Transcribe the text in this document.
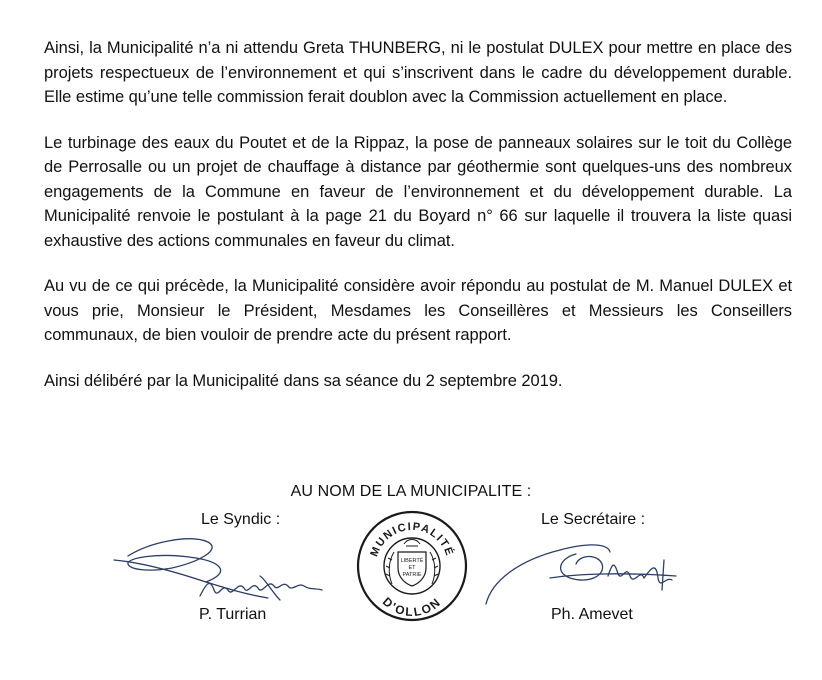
Ainsi, la Municipalité n’a ni attendu Greta THUNBERG, ni le postulat DULEX pour mettre en place des projets respectueux de l’environnement et qui s’inscrivent dans le cadre du développement durable. Elle estime qu’une telle commission ferait doublon avec la Commission actuellement en place.

Le turbinage des eaux du Poutet et de la Rippaz, la pose de panneaux solaires sur le toit du Collège de Perrosalle ou un projet de chauffage à distance par géothermie sont quelques-uns des nombreux engagements de la Commune en faveur de l’environnement et du développement durable. La Municipalité renvoie le postulant à la page 21 du Boyard n° 66 sur laquelle il trouvera la liste quasi exhaustive des actions communales en faveur du climat.

Au vu de ce qui précède, la Municipalité considère avoir répondu au postulat de M. Manuel DULEX et vous prie, Monsieur le Président, Mesdames les Conseillères et Messieurs les Conseillers communaux, de bien vouloir de prendre acte du présent rapport.

Ainsi délibéré par la Municipalité dans sa séance du 2 septembre 2019.

AU NOM DE LA MUNICIPALITE :
Le Syndic :	Le Secrétaire :
MUNICIPALITÉ
D'OLLON
LIBERTÉ
ET
PATRIE
P. Turrian	Ph. Amevet
